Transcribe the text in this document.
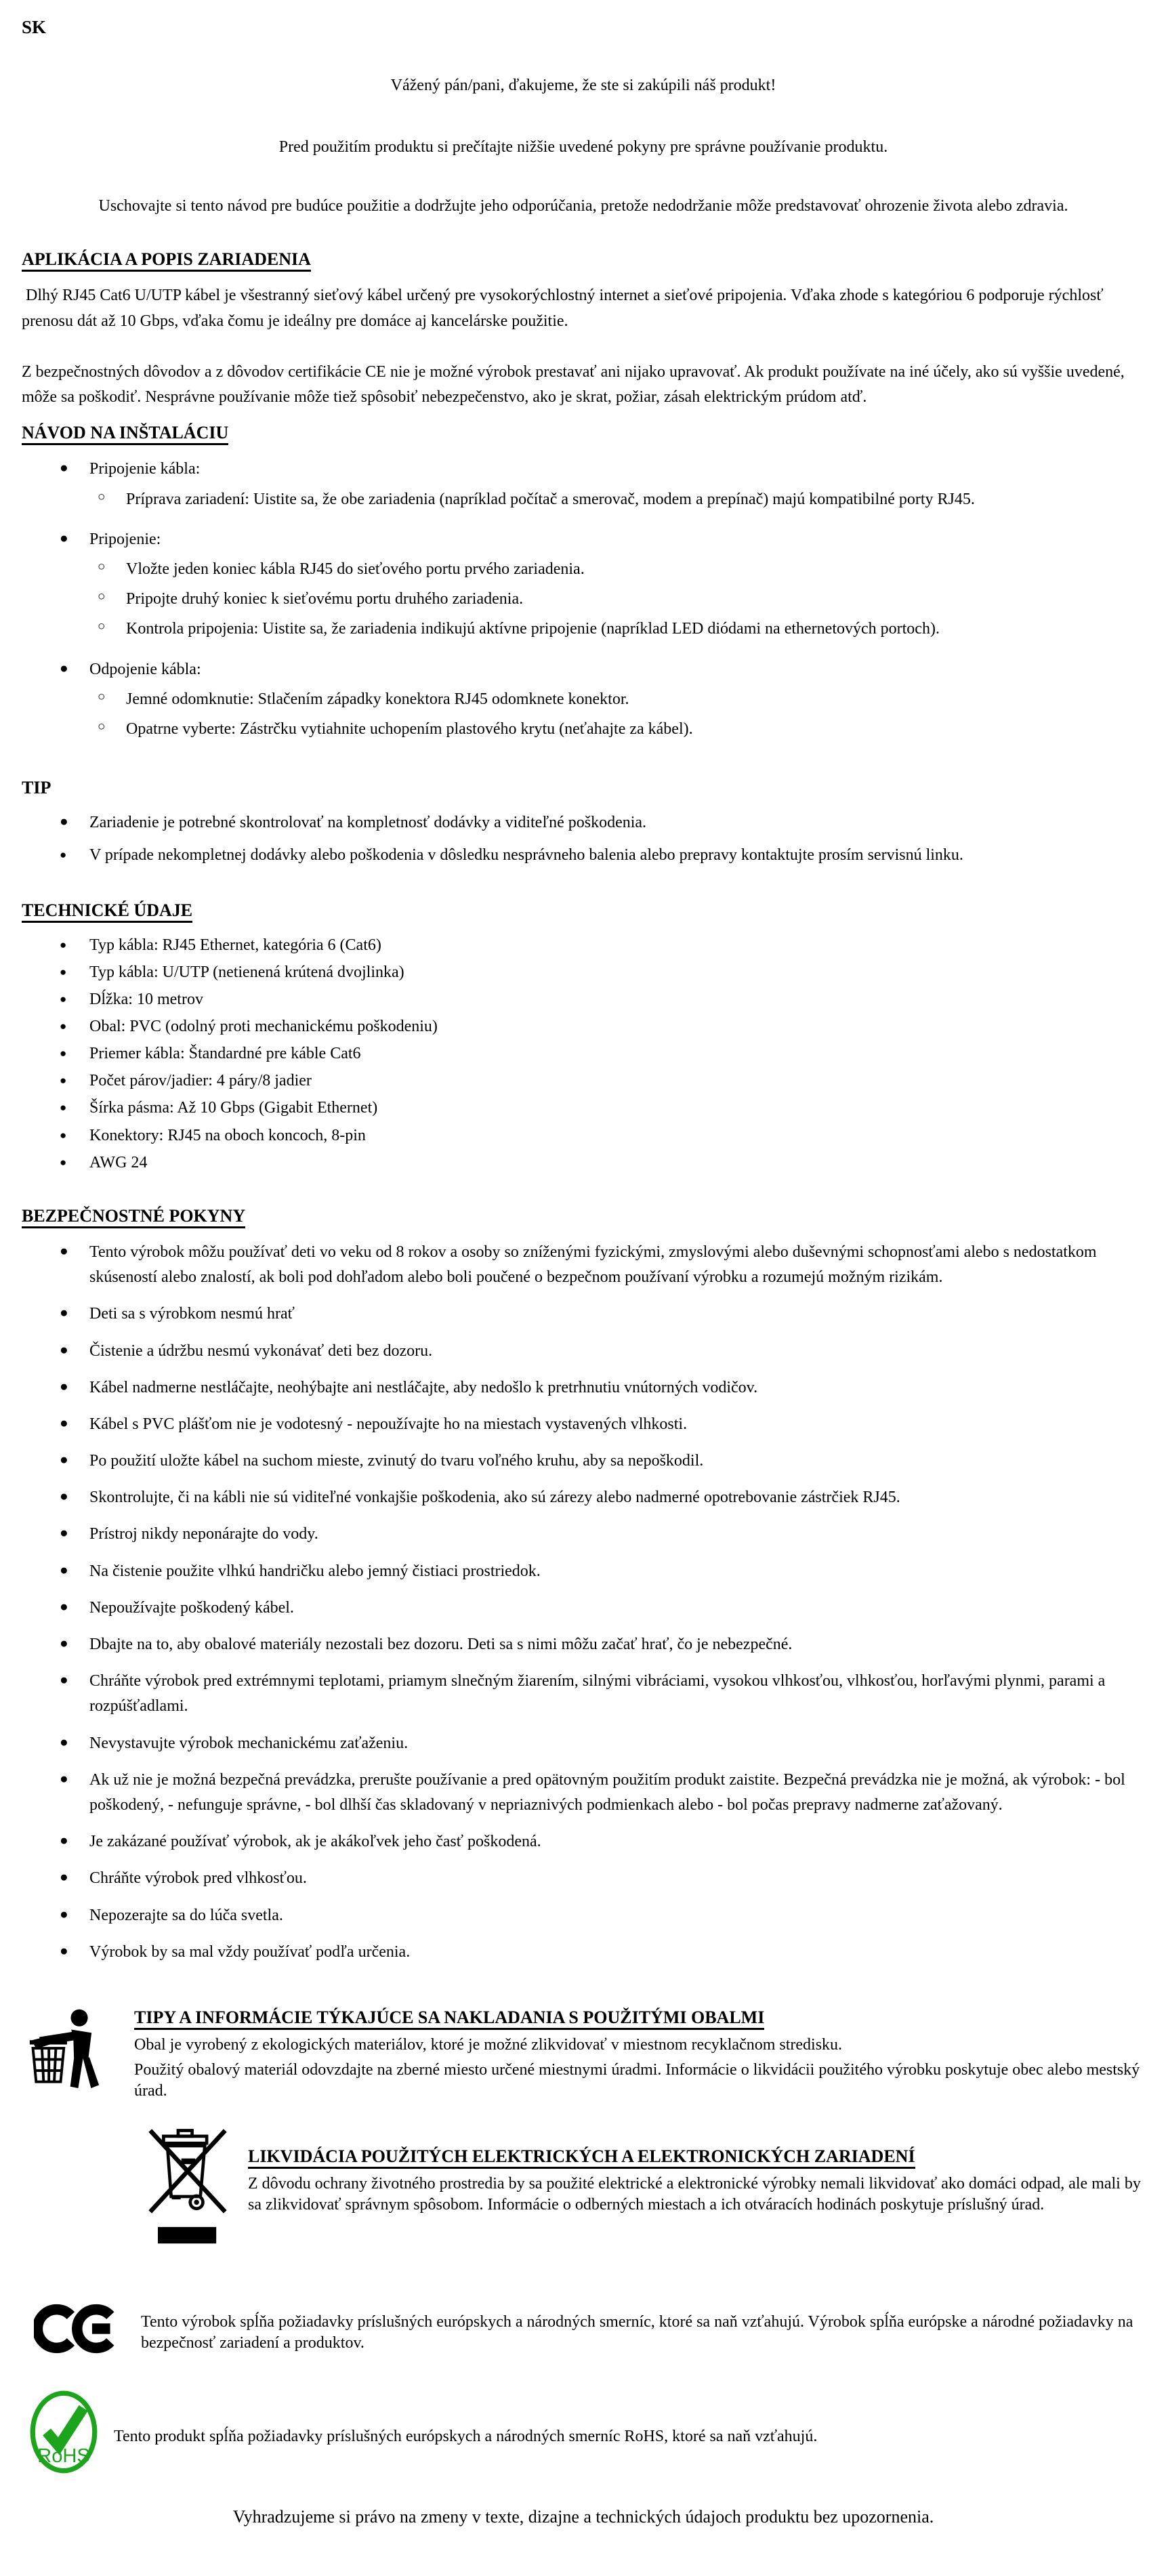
SK

Vážený pán/pani, ďakujeme, že ste si zakúpili náš produkt!

Pred použitím produktu si prečítajte nižšie uvedené pokyny pre správne používanie produktu.

Uschovajte si tento návod pre budúce použitie a dodržujte jeho odporúčania, pretože nedodržanie môže predstavovať ohrozenie života alebo zdravia.

APLIKÁCIA A POPIS ZARIADENIA

Dlhý RJ45 Cat6 U/UTP kábel je všestranný sieťový kábel určený pre vysokorýchlostný internet a sieťové pripojenia. Vďaka zhode s kategóriou 6 podporuje rýchlosť prenosu dát až 10 Gbps, vďaka čomu je ideálny pre domáce aj kancelárske použitie.

Z bezpečnostných dôvodov a z dôvodov certifikácie CE nie je možné výrobok prestavať ani nijako upravovať. Ak produkt používate na iné účely, ako sú vyššie uvedené, môže sa poškodiť. Nesprávne používanie môže tiež spôsobiť nebezpečenstvo, ako je skrat, požiar, zásah elektrickým prúdom atď.

NÁVOD NA INŠTALÁCIU
●
Pripojenie kábla:
○
Príprava zariadení: Uistite sa, že obe zariadenia (napríklad počítač a smerovač, modem a prepínač) majú kompatibilné porty RJ45.
●
Pripojenie:
○
Vložte jeden koniec kábla RJ45 do sieťového portu prvého zariadenia.
○
Pripojte druhý koniec k sieťovému portu druhého zariadenia.
○
Kontrola pripojenia: Uistite sa, že zariadenia indikujú aktívne pripojenie (napríklad LED diódami na ethernetových portoch).
●
Odpojenie kábla:
○
Jemné odomknutie: Stlačením západky konektora RJ45 odomknete konektor.
○
Opatrne vyberte: Zástrčku vytiahnite uchopením plastového krytu (neťahajte za kábel).
TIP
●
Zariadenie je potrebné skontrolovať na kompletnosť dodávky a viditeľné poškodenia.
●
V prípade nekompletnej dodávky alebo poškodenia v dôsledku nesprávneho balenia alebo prepravy kontaktujte prosím servisnú linku.
TECHNICKÉ ÚDAJE
●
Typ kábla: RJ45 Ethernet, kategória 6 (Cat6)
●
Typ kábla: U/UTP (netienená krútená dvojlinka)
●
Dĺžka: 10 metrov
●
Obal: PVC (odolný proti mechanickému poškodeniu)
●
Priemer kábla: Štandardné pre káble Cat6
●
Počet párov/jadier: 4 páry/8 jadier
●
Šírka pásma: Až 10 Gbps (Gigabit Ethernet)
●
Konektory: RJ45 na oboch koncoch, 8-pin
●
AWG 24
BEZPEČNOSTNÉ POKYNY
●
Tento výrobok môžu používať deti vo veku od 8 rokov a osoby so zníženými fyzickými, zmyslovými alebo duševnými schopnosťami alebo s nedostatkom skúseností alebo znalostí, ak boli pod dohľadom alebo boli poučené o bezpečnom používaní výrobku a rozumejú možným rizikám.
●
Deti sa s výrobkom nesmú hrať
●
Čistenie a údržbu nesmú vykonávať deti bez dozoru.
●
Kábel nadmerne nestláčajte, neohýbajte ani nestláčajte, aby nedošlo k pretrhnutiu vnútorných vodičov.
●
Kábel s PVC plášťom nie je vodotesný - nepoužívajte ho na miestach vystavených vlhkosti.
●
Po použití uložte kábel na suchom mieste, zvinutý do tvaru voľného kruhu, aby sa nepoškodil.
●
Skontrolujte, či na kábli nie sú viditeľné vonkajšie poškodenia, ako sú zárezy alebo nadmerné opotrebovanie zástrčiek RJ45.
●
Prístroj nikdy neponárajte do vody.
●
Na čistenie použite vlhkú handričku alebo jemný čistiaci prostriedok.
●
Nepoužívajte poškodený kábel.
●
Dbajte na to, aby obalové materiály nezostali bez dozoru. Deti sa s nimi môžu začať hrať, čo je nebezpečné.
●
Chráňte výrobok pred extrémnymi teplotami, priamym slnečným žiarením, silnými vibráciami, vysokou vlhkosťou, vlhkosťou, horľavými plynmi, parami a rozpúšťadlami.
●
Nevystavujte výrobok mechanickému zaťaženiu.
●
Ak už nie je možná bezpečná prevádzka, prerušte používanie a pred opätovným použitím produkt zaistite. Bezpečná prevádzka nie je možná, ak výrobok: - bol poškodený, - nefunguje správne, - bol dlhší čas skladovaný v nepriaznivých podmienkach alebo - bol počas prepravy nadmerne zaťažovaný.
●
Je zakázané používať výrobok, ak je akákoľvek jeho časť poškodená.
●
Chráňte výrobok pred vlhkosťou.
●
Nepozerajte sa do lúča svetla.
●
Výrobok by sa mal vždy používať podľa určenia.
TIPY A INFORMÁCIE TÝKAJÚCE SA NAKLADANIA S POUŽITÝMI OBALMI

Obal je vyrobený z ekologických materiálov, ktoré je možné zlikvidovať v miestnom recyklačnom stredisku.

Použitý obalový materiál odovzdajte na zberné miesto určené miestnymi úradmi. Informácie o likvidácii použitého výrobku poskytuje obec alebo mestský úrad.

LIKVIDÁCIA POUŽITÝCH ELEKTRICKÝCH A ELEKTRONICKÝCH ZARIADENÍ

Z dôvodu ochrany životného prostredia by sa použité elektrické a elektronické výrobky nemali likvidovať ako domáci odpad, ale mali by sa zlikvidovať správnym spôsobom. Informácie o odberných miestach a ich otváracích hodinách poskytuje príslušný úrad.

Tento výrobok spĺňa požiadavky príslušných európskych a národných smerníc, ktoré sa naň vzťahujú. Výrobok spĺňa európske a národné požiadavky na bezpečnosť zariadení a produktov.

RoHS

Tento produkt spĺňa požiadavky príslušných európskych a národných smerníc RoHS, ktoré sa naň vzťahujú.

Vyhradzujeme si právo na zmeny v texte, dizajne a technických údajoch produktu bez upozornenia.
